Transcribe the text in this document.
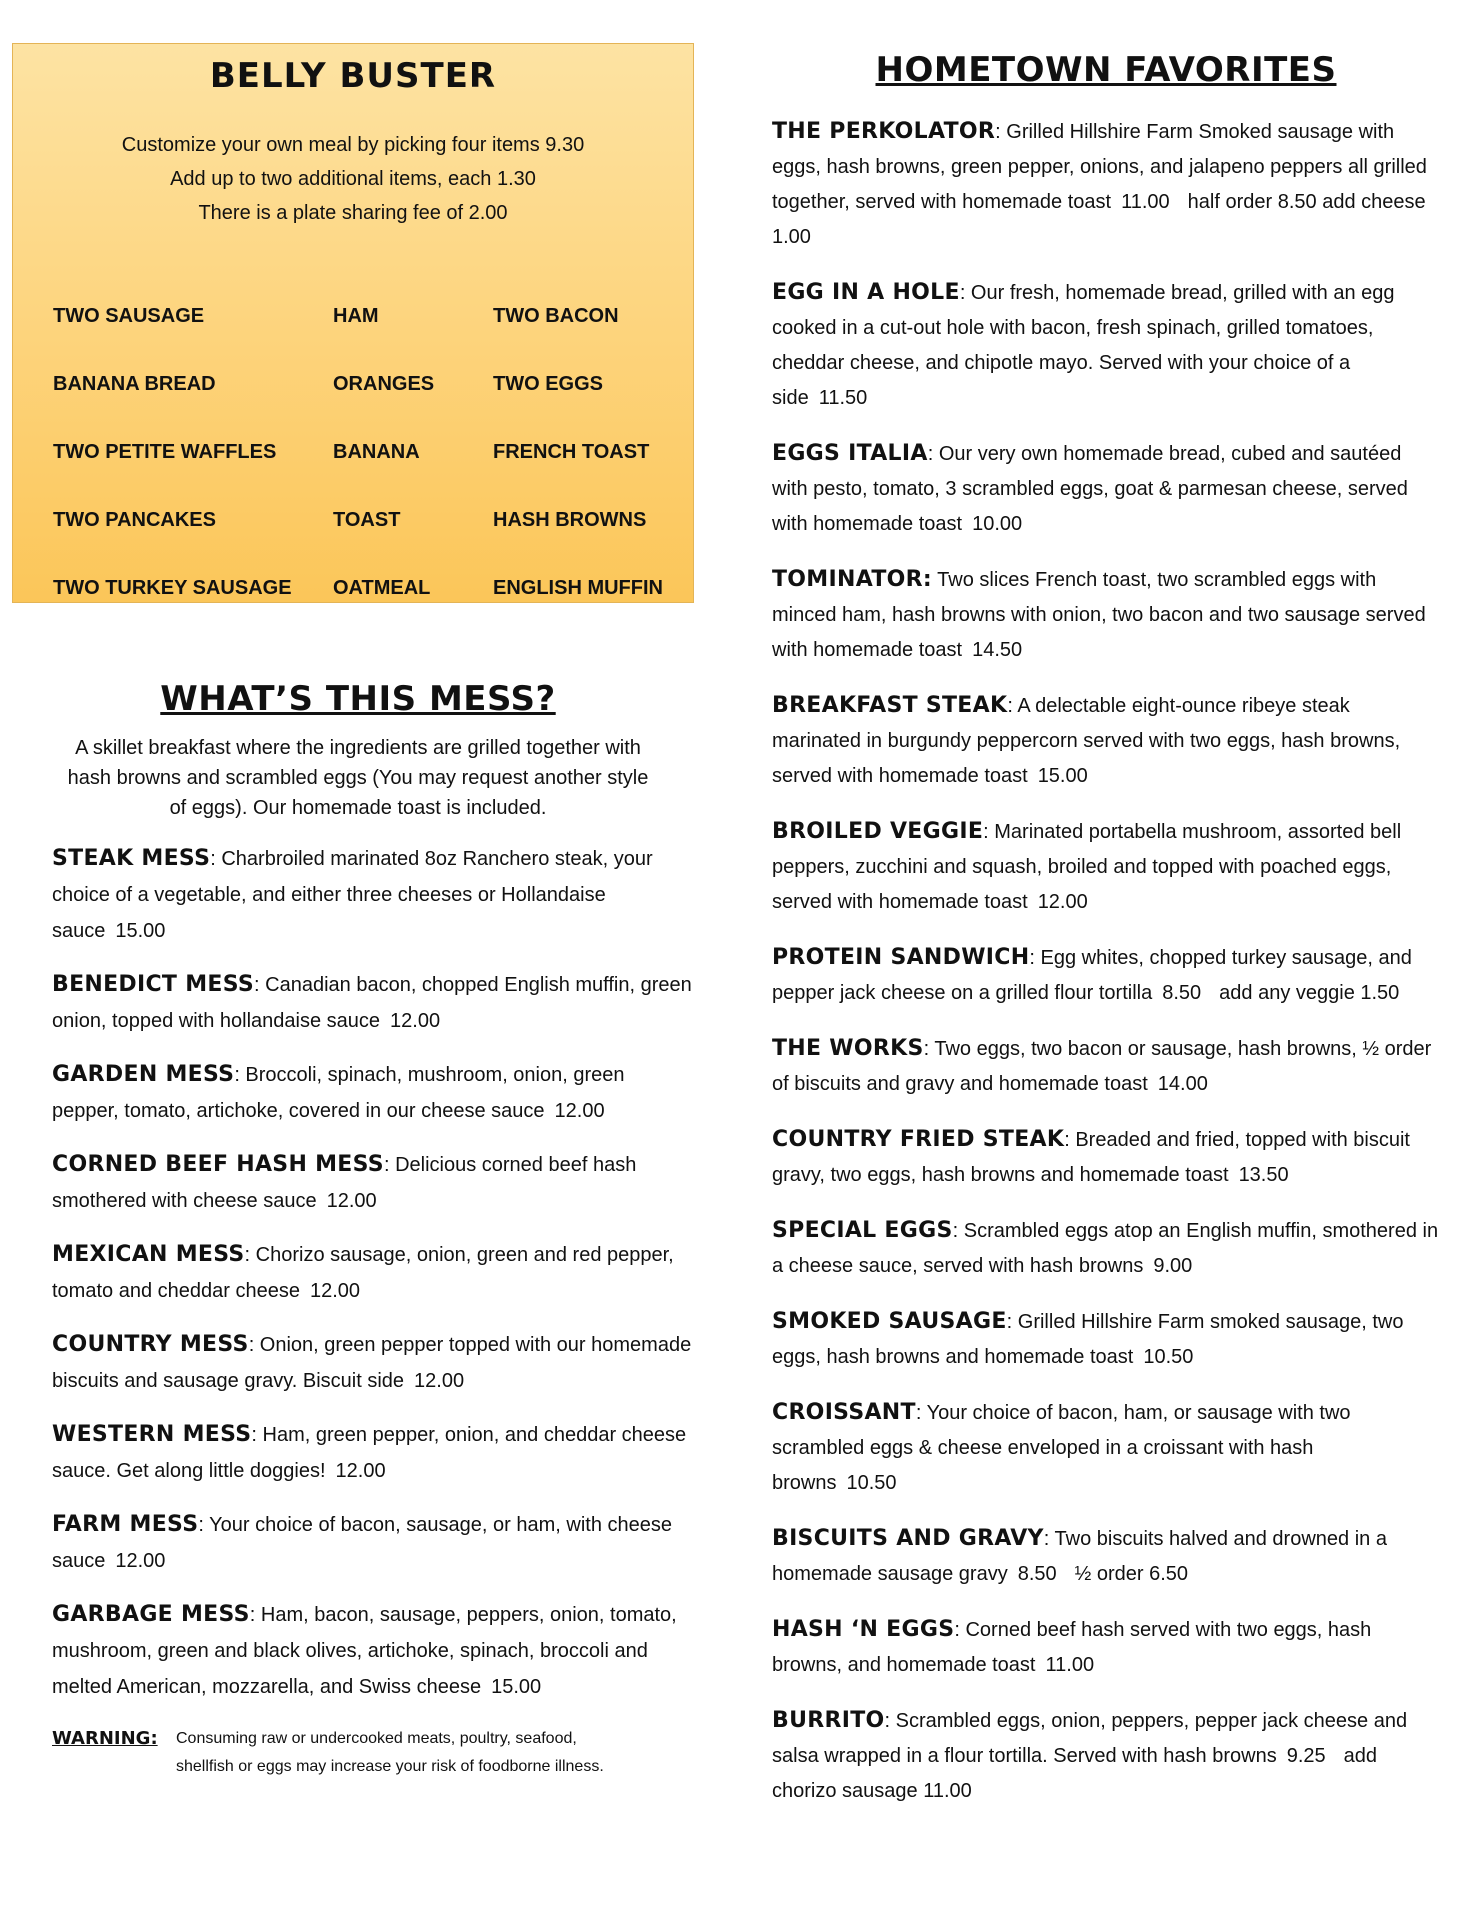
BELLY BUSTER
Customize your own meal by picking four items 9.30
Add up to two additional items, each 1.30
There is a plate sharing fee of 2.00
TWO SAUSAGE	HAM	TWO BACON
BANANA BREAD	ORANGES	TWO EGGS
TWO PETITE WAFFLES	BANANA	FRENCH TOAST
TWO PANCAKES	TOAST	HASH BROWNS
TWO TURKEY SAUSAGE	OATMEAL	ENGLISH MUFFIN
WHAT’S THIS MESS?
A skillet breakfast where the ingredients are grilled together with
hash browns and scrambled eggs (You may request another style
of eggs). Our homemade toast is included.
STEAK MESS: Charbroiled marinated 8oz Ranchero steak, your choice of a vegetable, and either three cheeses or Hollandaise sauce 15.00
BENEDICT MESS: Canadian bacon, chopped English muffin, green onion, topped with hollandaise sauce 12.00
GARDEN MESS: Broccoli, spinach, mushroom, onion, green pepper, tomato, artichoke, covered in our cheese sauce 12.00
CORNED BEEF HASH MESS: Delicious corned beef hash smothered with cheese sauce 12.00
MEXICAN MESS: Chorizo sausage, onion, green and red pepper, tomato and cheddar cheese 12.00
COUNTRY MESS: Onion, green pepper topped with our homemade biscuits and sausage gravy. Biscuit side 12.00
WESTERN MESS: Ham, green pepper, onion, and cheddar cheese sauce. Get along little doggies! 12.00
FARM MESS: Your choice of bacon, sausage, or ham, with cheese sauce 12.00
GARBAGE MESS: Ham, bacon, sausage, peppers, onion, tomato, mushroom, green and black olives, artichoke, spinach, broccoli and melted American, mozzarella, and Swiss cheese 15.00
WARNING:	Consuming raw or undercooked meats, poultry, seafood,
shellfish or eggs may increase your risk of foodborne illness.
HOMETOWN FAVORITES
THE PERKOLATOR: Grilled Hillshire Farm Smoked sausage with eggs, hash browns, green pepper, onions, and jalapeno peppers all grilled together, served with homemade toast 11.00 half order 8.50 add cheese 1.00
EGG IN A HOLE: Our fresh, homemade bread, grilled with an egg cooked in a cut-out hole with bacon, fresh spinach, grilled tomatoes, cheddar cheese, and chipotle mayo. Served with your choice of a side 11.50
EGGS ITALIA: Our very own homemade bread, cubed and sautéed with pesto, tomato, 3 scrambled eggs, goat & parmesan cheese, served with homemade toast 10.00
TOMINATOR: Two slices French toast, two scrambled eggs with minced ham, hash browns with onion, two bacon and two sausage served with homemade toast 14.50
BREAKFAST STEAK: A delectable eight-ounce ribeye steak marinated in burgundy peppercorn served with two eggs, hash browns, served with homemade toast 15.00
BROILED VEGGIE: Marinated portabella mushroom, assorted bell peppers, zucchini and squash, broiled and topped with poached eggs, served with homemade toast 12.00
PROTEIN SANDWICH: Egg whites, chopped turkey sausage, and pepper jack cheese on a grilled flour tortilla 8.50 add any veggie 1.50
THE WORKS: Two eggs, two bacon or sausage, hash browns, ½ order of biscuits and gravy and homemade toast 14.00
COUNTRY FRIED STEAK: Breaded and fried, topped with biscuit gravy, two eggs, hash browns and homemade toast 13.50
SPECIAL EGGS: Scrambled eggs atop an English muffin, smothered in a cheese sauce, served with hash browns 9.00
SMOKED SAUSAGE: Grilled Hillshire Farm smoked sausage, two eggs, hash browns and homemade toast 10.50
CROISSANT: Your choice of bacon, ham, or sausage with two scrambled eggs & cheese enveloped in a croissant with hash browns 10.50
BISCUITS AND GRAVY: Two biscuits halved and drowned in a homemade sausage gravy 8.50 ½ order 6.50
HASH ‘N EGGS: Corned beef hash served with two eggs, hash browns, and homemade toast 11.00
BURRITO: Scrambled eggs, onion, peppers, pepper jack cheese and salsa wrapped in a flour tortilla. Served with hash browns 9.25 add chorizo sausage 11.00
